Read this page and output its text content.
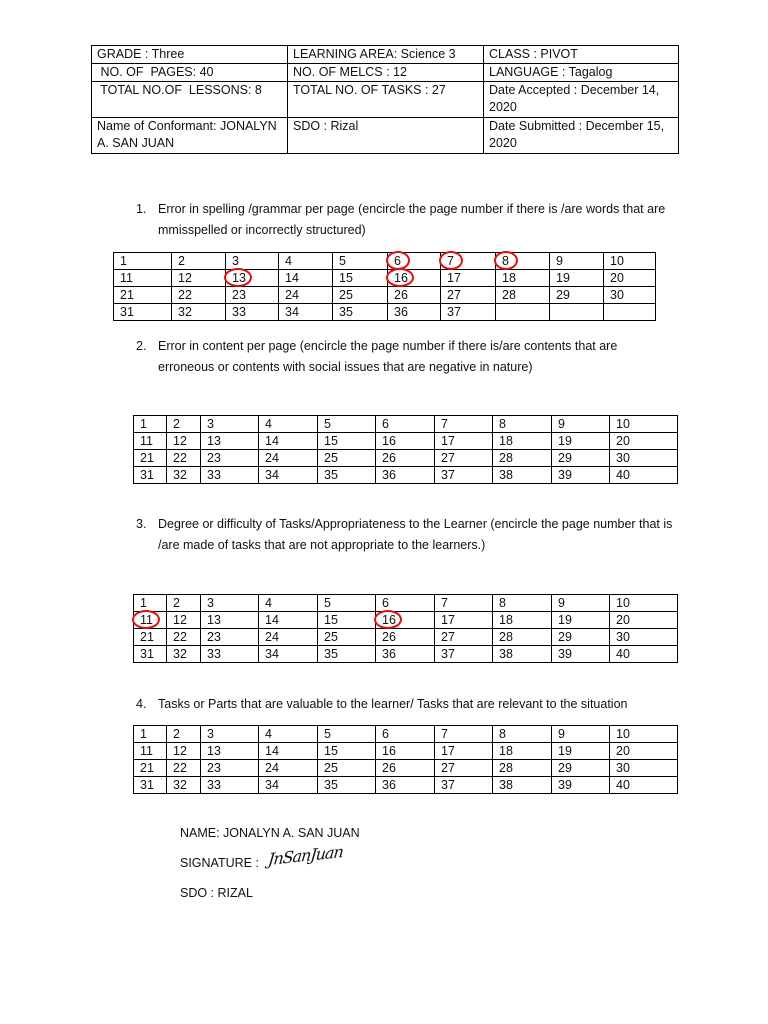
GRADE : Three	LEARNING AREA: Science 3	CLASS : PIVOT
NO. OF  PAGES: 40	NO. OF MELCS : 12	LANGUAGE : Tagalog
TOTAL NO.OF  LESSONS: 8	TOTAL NO. OF TASKS : 27	Date Accepted : December 14, 2020
Name of Conformant: JONALYN A. SAN JUAN	SDO : Rizal	Date Submitted : December 15, 2020
1. Error in spelling /grammar per page (encircle the page number if there is /are words that are mmisspelled or incorrectly structured)
1	2	3	4	5	6	7	8	9	10
11	12	13	14	15	16	17	18	19	20
21	22	23	24	25	26	27	28	29	30
31	32	33	34	35	36	37			
2. Error in content per page (encircle the page number if there is/are contents that are erroneous or contents with social issues that are negative in nature)
1	2	3	4	5	6	7	8	9	10
11	12	13	14	15	16	17	18	19	20
21	22	23	24	25	26	27	28	29	30
31	32	33	34	35	36	37	38	39	40
3. Degree or difficulty of Tasks/Appropriateness to the Learner (encircle the page number that is /are made of tasks that are not appropriate to the learners.)
1	2	3	4	5	6	7	8	9	10
11	12	13	14	15	16	17	18	19	20
21	22	23	24	25	26	27	28	29	30
31	32	33	34	35	36	37	38	39	40
4. Tasks or Parts that are valuable to the learner/ Tasks that are relevant to the situation
1	2	3	4	5	6	7	8	9	10
11	12	13	14	15	16	17	18	19	20
21	22	23	24	25	26	27	28	29	30
31	32	33	34	35	36	37	38	39	40
NAME: JONALYN A. SAN JUAN
SIGNATURE : JnSanJuan
SDO : RIZAL
